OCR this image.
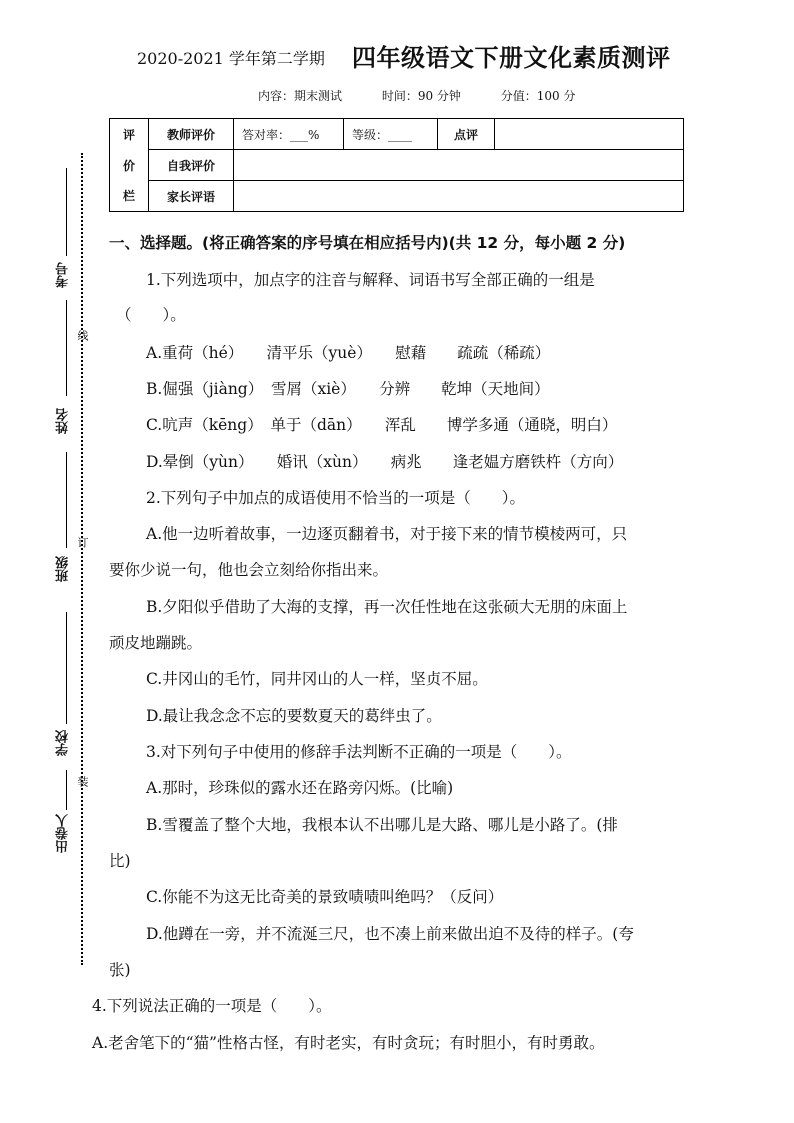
2020-2021 学年第二学期 四年级语文下册文化素质测评
内容：期末测试	时间：90 分钟	分值：100 分
评	教师评价	答对率：___%	等级：____	点评	
价	自我评价				
栏	家长评语				
线
订
装
考号
姓名
班级
学校
出卷人
一、选择题。(将正确答案的序号填在相应括号内)(共 12 分，每小题 2 分)
1.下列选项中，加点字的注音与解释、词语书写全部正确的一组是
（　　）。
A.重荷（hé）　　清平乐（yuè）　　慰藉　　疏疏（稀疏）
B.倔强（jiàng）　雪屑（xiè）　　分辨　　乾坤（天地间）
C.吭声（kēng）　单于（dān）　　浑乱　　博学多通（通晓，明白）
D.晕倒（yùn）　　婚讯（xùn）　　病兆　　逢老媪方磨铁杵（方向）
2.下列句子中加点的成语使用不恰当的一项是（　　）。
A.他一边听着故事，一边逐页翻着书，对于接下来的情节模棱两可，只
要你少说一句，他也会立刻给你指出来。
B.夕阳似乎借助了大海的支撑，再一次任性地在这张硕大无朋的床面上
顽皮地蹦跳。
C.井冈山的毛竹，同井冈山的人一样，坚贞不屈。
D.最让我念念不忘的要数夏天的葛绊虫了。
3.对下列句子中使用的修辞手法判断不正确的一项是（　　）。
A.那时，珍珠似的露水还在路旁闪烁。(比喻)
B.雪覆盖了整个大地，我根本认不出哪儿是大路、哪儿是小路了。(排
比)
C.你能不为这无比奇美的景致啧啧叫绝吗？（反问）
D.他蹲在一旁，并不流涎三尺，也不凑上前来做出迫不及待的样子。(夸
张)
4.下列说法正确的一项是（　　）。
A.老舍笔下的“猫”性格古怪，有时老实，有时贪玩；有时胆小，有时勇敢。
